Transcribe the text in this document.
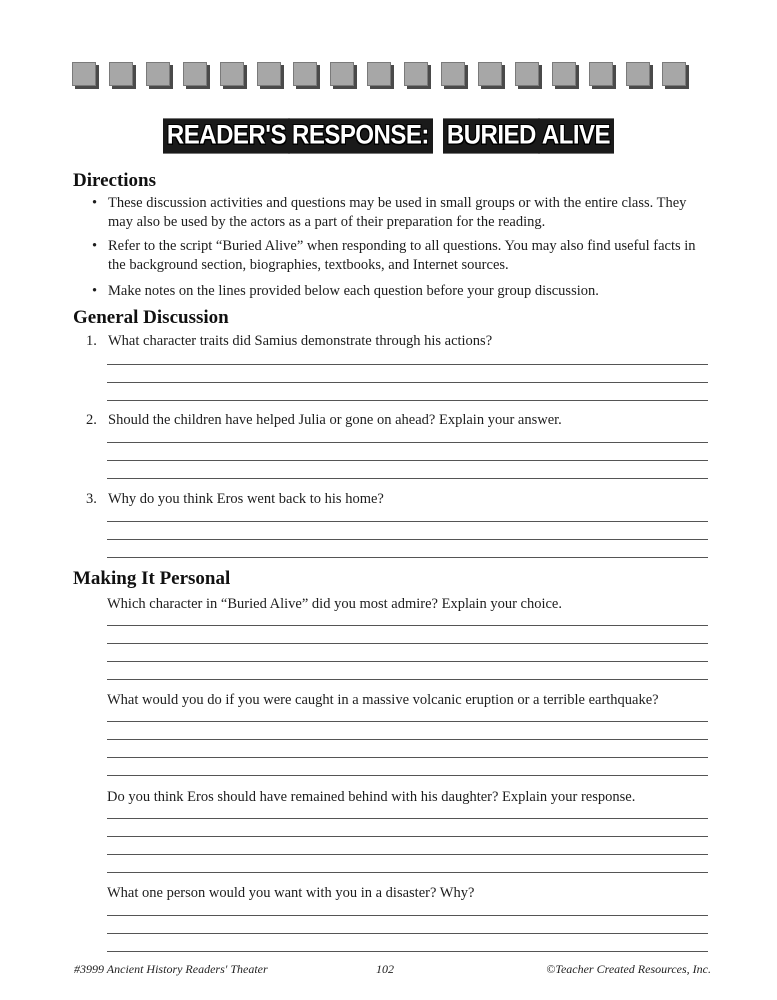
READER'S RESPONSE: BURIED ALIVE
Directions
• These discussion activities and questions may be used in small groups or with the entire class. They may also be used by the actors as a part of their preparation for the reading.
• Refer to the script “Buried Alive” when responding to all questions. You may also find useful facts in the background section, biographies, textbooks, and Internet sources.
• Make notes on the lines provided below each question before your group discussion.
General Discussion
1. What character traits did Samius demonstrate through his actions?
2. Should the children have helped Julia or gone on ahead? Explain your answer.
3. Why do you think Eros went back to his home?
Making It Personal
Which character in “Buried Alive” did you most admire? Explain your choice.
What would you do if you were caught in a massive volcanic eruption or a terrible earthquake?
Do you think Eros should have remained behind with his daughter? Explain your response.
What one person would you want with you in a disaster? Why?
#3999 Ancient History Readers' Theater	102	©Teacher Created Resources, Inc.
